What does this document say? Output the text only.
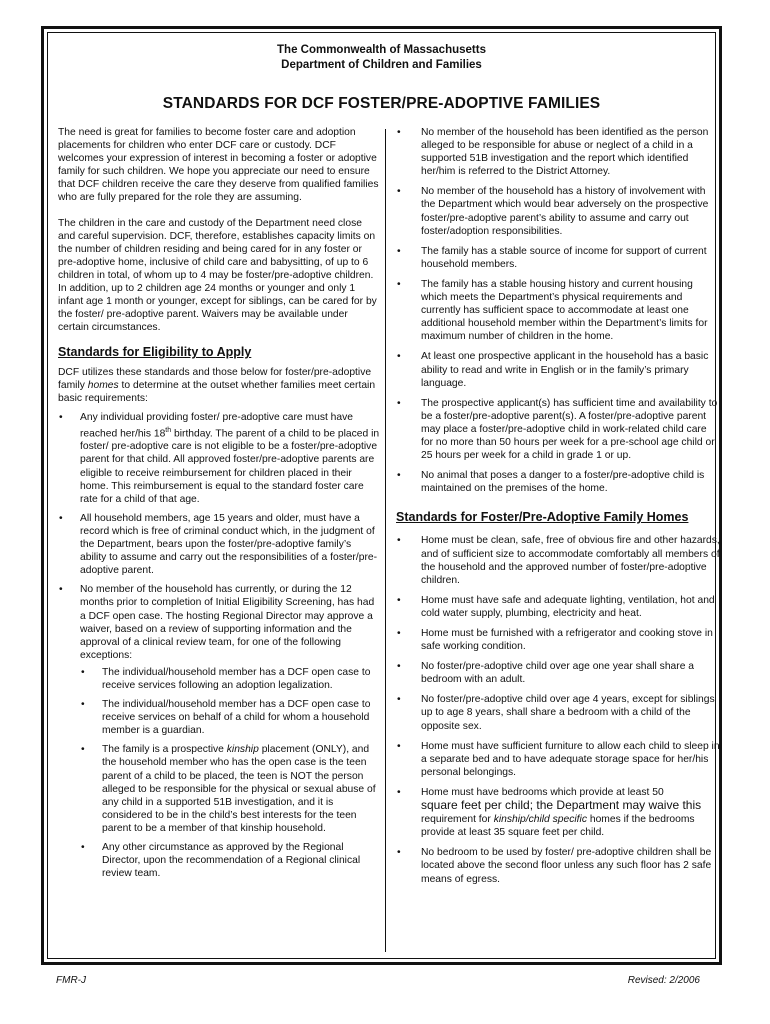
The Commonwealth of Massachusetts
Department of Children and Families
STANDARDS FOR DCF FOSTER/PRE-ADOPTIVE FAMILIES

The need is great for families to become foster care and adoption placements for children who enter DCF care or custody. DCF welcomes your expression of interest in becoming a foster or adoptive family for such children. We hope you appreciate our need to ensure that DCF children receive the care they deserve from qualified families who are fully prepared for the role they are assuming.

The children in the care and custody of the Department need close and careful supervision. DCF, therefore, establishes capacity limits on the number of children residing and being cared for in any foster or pre-adoptive home, inclusive of child care and babysitting, of up to 6 children in total, of whom up to 4 may be foster/pre-adoptive children. In addition, up to 2 children age 24 months or younger and only 1 infant age 1 month or younger, except for siblings, can be cared for by the foster/ pre-adoptive parent. Waivers may be available under certain circumstances.

Standards for Eligibility to Apply

DCF utilizes these standards and those below for foster/pre-adoptive family homes to determine at the outset whether families meet certain basic requirements:

• Any individual providing foster/ pre-adoptive care must have reached her/his 18th birthday. The parent of a child to be placed in foster/ pre-adoptive care is not eligible to be a foster/pre-adoptive parent for that child. All approved foster/pre-adoptive parents are eligible to receive reimbursement for children placed in their home. This reimbursement is equal to the standard foster care rate for a child of that age.
• All household members, age 15 years and older, must have a record which is free of criminal conduct which, in the judgment of the Department, bears upon the foster/pre-adoptive family’s ability to assume and carry out the responsibilities of a foster/pre-adoptive parent.
• No member of the household has currently, or during the 12 months prior to completion of Initial Eligibility Screening, has had a DCF open case. The hosting Regional Director may approve a waiver, based on a review of supporting information and the approval of a clinical review team, for one of the following exceptions:
• The individual/household member has a DCF open case to receive services following an adoption legalization.
• The individual/household member has a DCF open case to receive services on behalf of a child for whom a household member is a guardian.
• The family is a prospective kinship placement (ONLY), and the household member who has the open case is the teen parent of a child to be placed, the teen is NOT the person alleged to be responsible for the physical or sexual abuse of any child in a supported 51B investigation, and it is considered to be in the child’s best interests for the teen parent to be a member of that kinship household.
• Any other circumstance as approved by the Regional Director, upon the recommendation of a Regional clinical review team.
• No member of the household has been identified as the person alleged to be responsible for abuse or neglect of a child in a supported 51B investigation and the report which identified her/him is referred to the District Attorney.
• No member of the household has a history of involvement with the Department which would bear adversely on the prospective foster/pre-adoptive parent’s ability to assume and carry out foster/adoption responsibilities.
• The family has a stable source of income for support of current household members.
• The family has a stable housing history and current housing which meets the Department’s physical requirements and currently has sufficient space to accommodate at least one additional household member within the Department’s limits for maximum number of children in the home.
• At least one prospective applicant in the household has a basic ability to read and write in English or in the family’s primary language.
• The prospective applicant(s) has sufficient time and availability to be a foster/pre-adoptive parent(s). A foster/pre-adoptive parent may place a foster/pre-adoptive child in work-related child care for no more than 50 hours per week for a pre-school age child or 25 hours per week for a child in grade 1 or up.
• No animal that poses a danger to a foster/pre-adoptive child is maintained on the premises of the home.
Standards for Foster/Pre-Adoptive Family Homes
• Home must be clean, safe, free of obvious fire and other hazards, and of sufficient size to accommodate comfortably all members of the household and the approved number of foster/pre-adoptive children.
• Home must have safe and adequate lighting, ventilation, hot and cold water supply, plumbing, electricity and heat.
• Home must be furnished with a refrigerator and cooking stove in safe working condition.
• No foster/pre-adoptive child over age one year shall share a bedroom with an adult.
• No foster/pre-adoptive child over age 4 years, except for siblings up to age 8 years, shall share a bedroom with a child of the opposite sex.
• Home must have sufficient furniture to allow each child to sleep in a separate bed and to have adequate storage space for her/his personal belongings.
• Home must have bedrooms which provide at least 50
square feet per child; the Department may waive this
requirement for kinship/child specific homes if the bedrooms provide at least 35 square feet per child.
• No bedroom to be used by foster/ pre-adoptive children shall be located above the second floor unless any such floor has 2 safe means of egress.
FMR-J	Revised: 2/2006
